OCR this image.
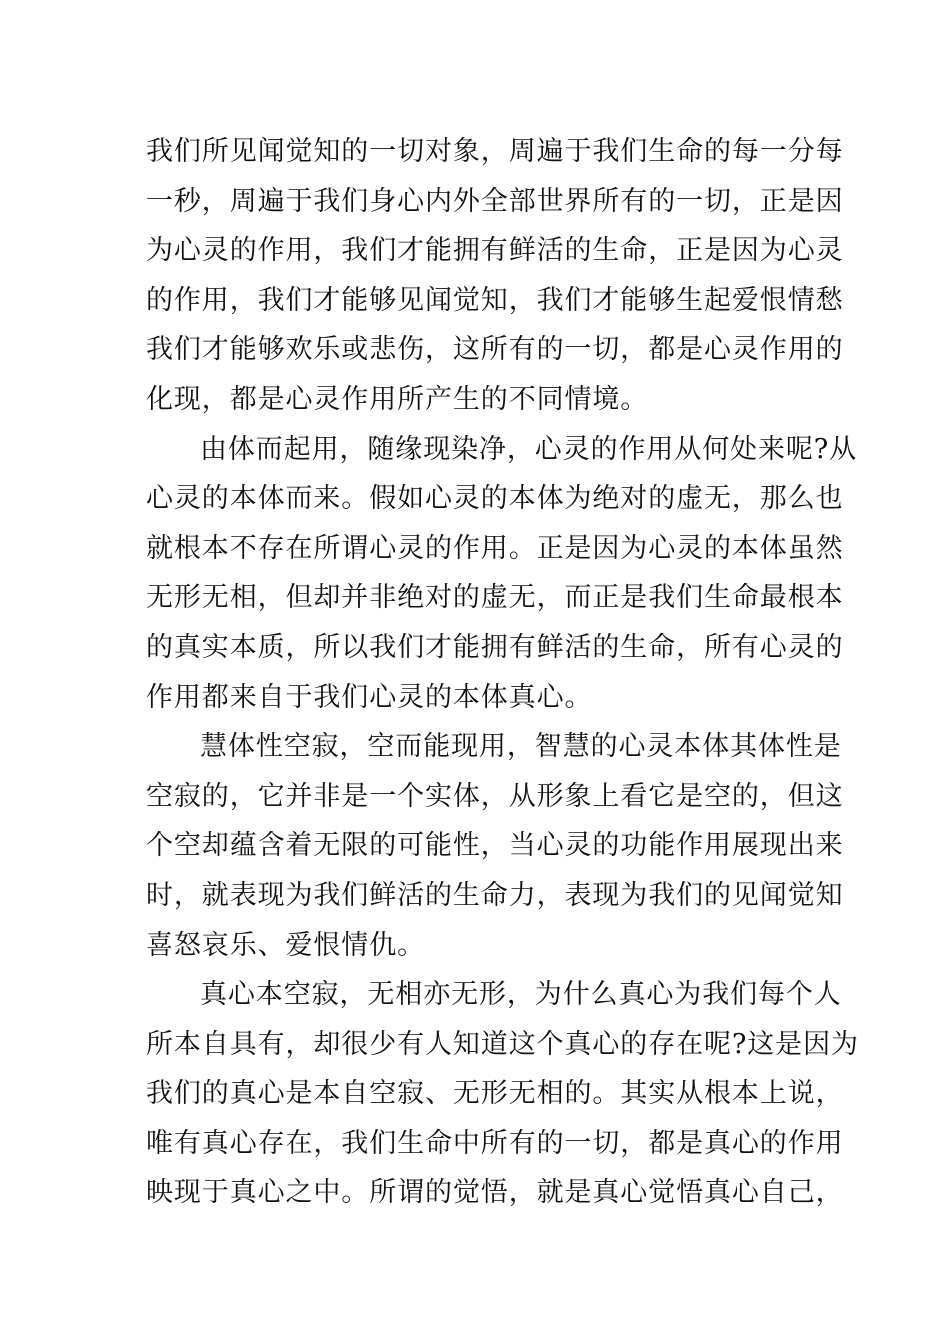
我们所见闻觉知的一切对象，周遍于我们生命的每一分每
一秒，周遍于我们身心内外全部世界所有的一切，正是因
为心灵的作用，我们才能拥有鲜活的生命，正是因为心灵
的作用，我们才能够见闻觉知，我们才能够生起爱恨情愁
我们才能够欢乐或悲伤，这所有的一切，都是心灵作用的
化现，都是心灵作用所产生的不同情境。
由体而起用，随缘现染净，心灵的作用从何处来呢?从
心灵的本体而来。假如心灵的本体为绝对的虚无，那么也
就根本不存在所谓心灵的作用。正是因为心灵的本体虽然
无形无相，但却并非绝对的虚无，而正是我们生命最根本
的真实本质，所以我们才能拥有鲜活的生命，所有心灵的
作用都来自于我们心灵的本体真心。
慧体性空寂，空而能现用，智慧的心灵本体其体性是
空寂的，它并非是一个实体，从形象上看它是空的，但这
个空却蕴含着无限的可能性，当心灵的功能作用展现出来
时，就表现为我们鲜活的生命力，表现为我们的见闻觉知
喜怒哀乐、爱恨情仇。
真心本空寂，无相亦无形，为什么真心为我们每个人
所本自具有，却很少有人知道这个真心的存在呢?这是因为
我们的真心是本自空寂、无形无相的。其实从根本上说，
唯有真心存在，我们生命中所有的一切，都是真心的作用
映现于真心之中。所谓的觉悟，就是真心觉悟真心自己，
